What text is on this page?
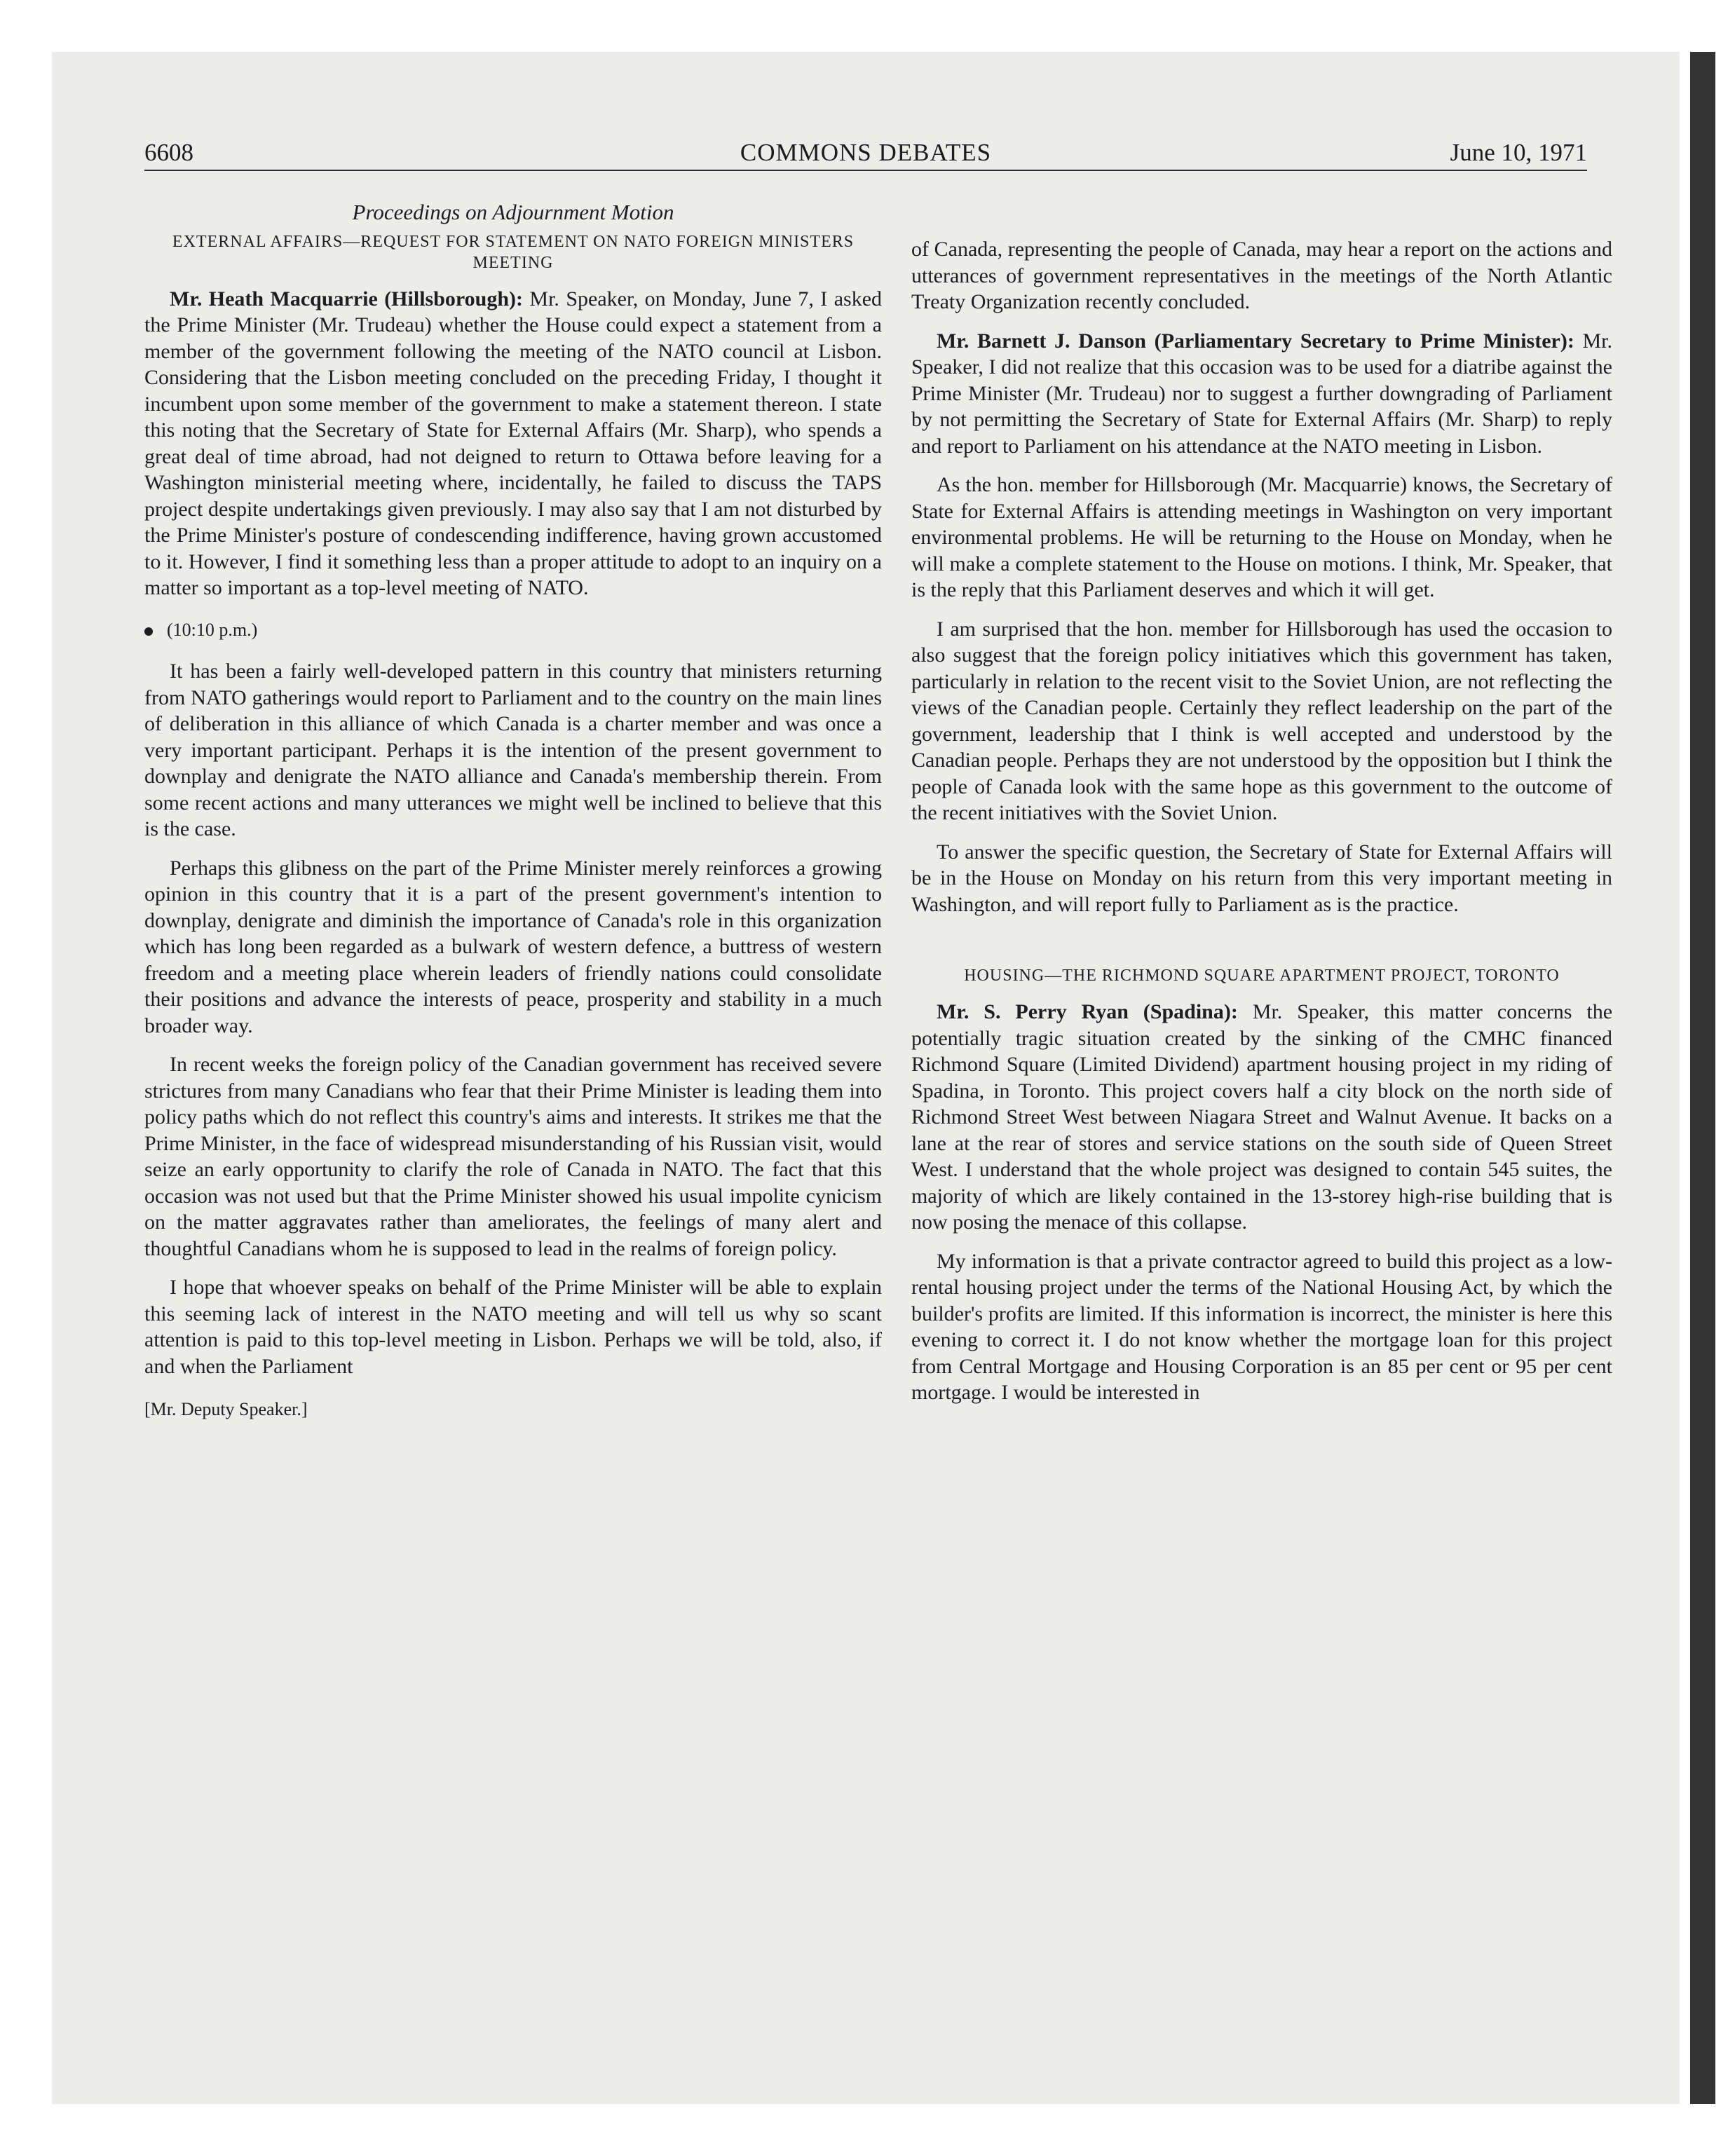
6608	COMMONS DEBATES	June 10, 1971

Proceedings on Adjournment Motion

EXTERNAL AFFAIRS—REQUEST FOR STATEMENT ON NATO FOREIGN MINISTERS MEETING

Mr. Heath Macquarrie (Hillsborough): Mr. Speaker, on Monday, June 7, I asked the Prime Minister (Mr. Trudeau) whether the House could expect a statement from a member of the government following the meeting of the NATO council at Lisbon. Considering that the Lisbon meeting concluded on the preceding Friday, I thought it incumbent upon some member of the government to make a statement thereon. I state this noting that the Secretary of State for External Affairs (Mr. Sharp), who spends a great deal of time abroad, had not deigned to return to Ottawa before leaving for a Washington ministerial meeting where, incidentally, he failed to discuss the TAPS project despite undertakings given previously. I may also say that I am not disturbed by the Prime Minister's posture of condescending indifference, having grown accustomed to it. However, I find it something less than a proper attitude to adopt to an inquiry on a matter so important as a top-level meeting of NATO.

(10:10 p.m.)

It has been a fairly well-developed pattern in this country that ministers returning from NATO gatherings would report to Parliament and to the country on the main lines of deliberation in this alliance of which Canada is a charter member and was once a very important participant. Perhaps it is the intention of the present government to downplay and denigrate the NATO alliance and Canada's membership therein. From some recent actions and many utterances we might well be inclined to believe that this is the case.

Perhaps this glibness on the part of the Prime Minister merely reinforces a growing opinion in this country that it is a part of the present government's intention to downplay, denigrate and diminish the importance of Canada's role in this organization which has long been regarded as a bulwark of western defence, a buttress of western freedom and a meeting place wherein leaders of friendly nations could consolidate their positions and advance the interests of peace, prosperity and stability in a much broader way.

In recent weeks the foreign policy of the Canadian government has received severe strictures from many Canadians who fear that their Prime Minister is leading them into policy paths which do not reflect this country's aims and interests. It strikes me that the Prime Minister, in the face of widespread misunderstanding of his Russian visit, would seize an early opportunity to clarify the role of Canada in NATO. The fact that this occasion was not used but that the Prime Minister showed his usual impolite cynicism on the matter aggravates rather than ameliorates, the feelings of many alert and thoughtful Canadians whom he is supposed to lead in the realms of foreign policy.

I hope that whoever speaks on behalf of the Prime Minister will be able to explain this seeming lack of interest in the NATO meeting and will tell us why so scant attention is paid to this top-level meeting in Lisbon. Perhaps we will be told, also, if and when the Parliament

[Mr. Deputy Speaker.]

of Canada, representing the people of Canada, may hear a report on the actions and utterances of government representatives in the meetings of the North Atlantic Treaty Organization recently concluded.

Mr. Barnett J. Danson (Parliamentary Secretary to Prime Minister): Mr. Speaker, I did not realize that this occasion was to be used for a diatribe against the Prime Minister (Mr. Trudeau) nor to suggest a further downgrading of Parliament by not permitting the Secretary of State for External Affairs (Mr. Sharp) to reply and report to Parliament on his attendance at the NATO meeting in Lisbon.

As the hon. member for Hillsborough (Mr. Macquarrie) knows, the Secretary of State for External Affairs is attending meetings in Washington on very important environmental problems. He will be returning to the House on Monday, when he will make a complete statement to the House on motions. I think, Mr. Speaker, that is the reply that this Parliament deserves and which it will get.

I am surprised that the hon. member for Hillsborough has used the occasion to also suggest that the foreign policy initiatives which this government has taken, particularly in relation to the recent visit to the Soviet Union, are not reflecting the views of the Canadian people. Certainly they reflect leadership on the part of the government, leadership that I think is well accepted and understood by the Canadian people. Perhaps they are not understood by the opposition but I think the people of Canada look with the same hope as this government to the outcome of the recent initiatives with the Soviet Union.

To answer the specific question, the Secretary of State for External Affairs will be in the House on Monday on his return from this very important meeting in Washington, and will report fully to Parliament as is the practice.

HOUSING—THE RICHMOND SQUARE APARTMENT PROJECT, TORONTO

Mr. S. Perry Ryan (Spadina): Mr. Speaker, this matter concerns the potentially tragic situation created by the sinking of the CMHC financed Richmond Square (Limited Dividend) apartment housing project in my riding of Spadina, in Toronto. This project covers half a city block on the north side of Richmond Street West between Niagara Street and Walnut Avenue. It backs on a lane at the rear of stores and service stations on the south side of Queen Street West. I understand that the whole project was designed to contain 545 suites, the majority of which are likely contained in the 13-storey high-rise building that is now posing the menace of this collapse.

My information is that a private contractor agreed to build this project as a low-rental housing project under the terms of the National Housing Act, by which the builder's profits are limited. If this information is incorrect, the minister is here this evening to correct it. I do not know whether the mortgage loan for this project from Central Mortgage and Housing Corporation is an 85 per cent or 95 per cent mortgage. I would be interested in
